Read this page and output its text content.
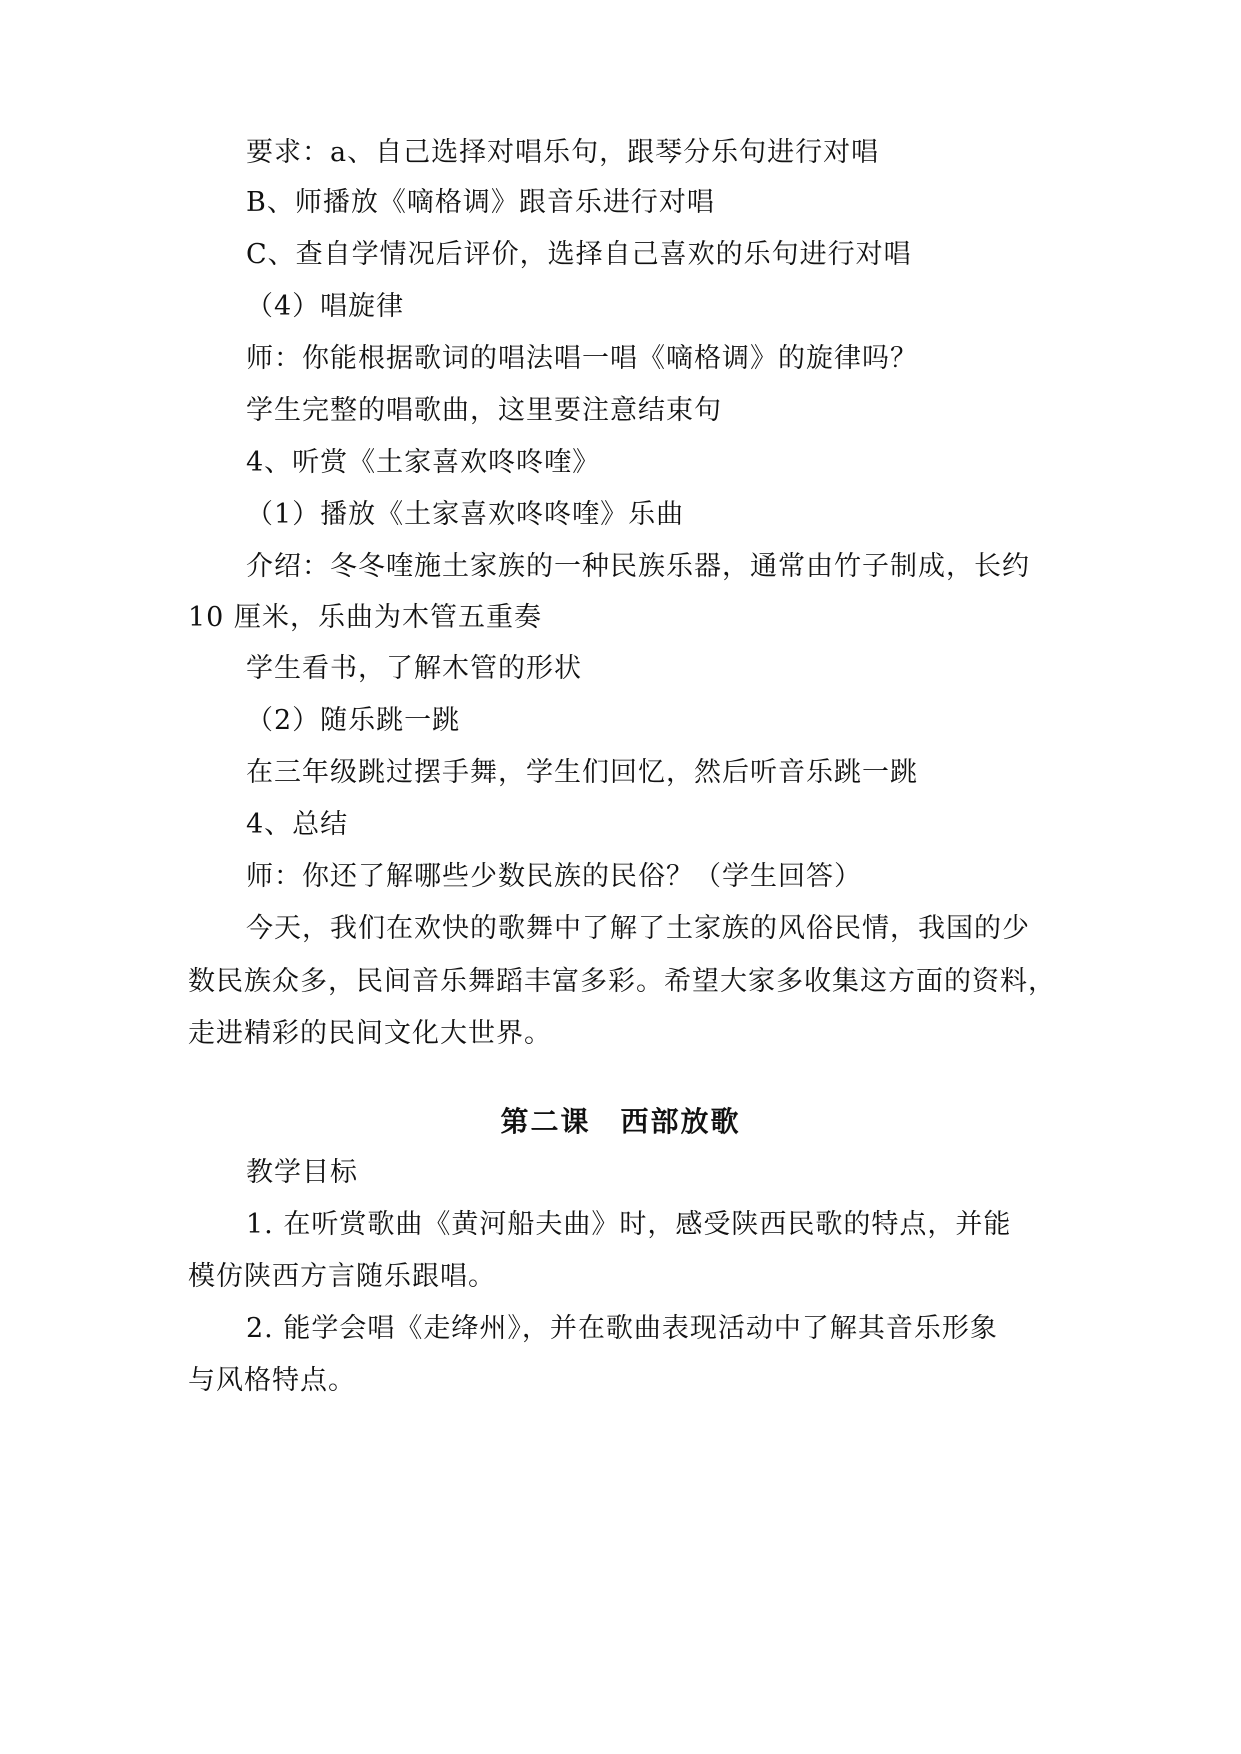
要求：a、自己选择对唱乐句，跟琴分乐句进行对唱
B、师播放《嘀格调》跟音乐进行对唱
C、查自学情况后评价，选择自己喜欢的乐句进行对唱
（4）唱旋律
师：你能根据歌词的唱法唱一唱《嘀格调》的旋律吗？
学生完整的唱歌曲，这里要注意结束句
4、听赏《土家喜欢咚咚喹》
（1）播放《土家喜欢咚咚喹》乐曲
介绍：冬冬喹施土家族的一种民族乐器，通常由竹子制成，长约
10 厘米，乐曲为木管五重奏
学生看书，了解木管的形状
（2）随乐跳一跳
在三年级跳过摆手舞，学生们回忆，然后听音乐跳一跳
4、总结
师：你还了解哪些少数民族的民俗？（学生回答）
今天，我们在欢快的歌舞中了解了土家族的风俗民情，我国的少
数民族众多，民间音乐舞蹈丰富多彩。希望大家多收集这方面的资料，
走进精彩的民间文化大世界。
第二课　西部放歌
教学目标
1. 在听赏歌曲《黄河船夫曲》时，感受陕西民歌的特点，并能
模仿陕西方言随乐跟唱。
2. 能学会唱《走绛州》，并在歌曲表现活动中了解其音乐形象
与风格特点。
